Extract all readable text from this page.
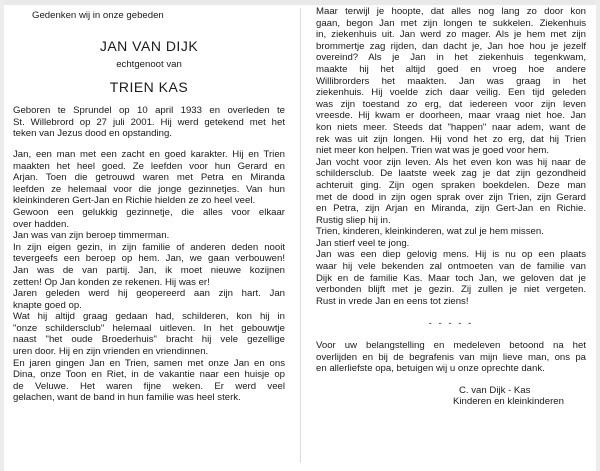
Gedenken wij in onze gebeden
JAN VAN DIJK
echtgenoot van
TRIEN KAS
Geboren te Sprundel op 10 april 1933 en overleden te
St. Willebrord op 27 juli 2001. Hij werd getekend met het
teken van Jezus dood en opstanding.
Jan, een man met een zacht en goed karakter. Hij en Trien
maakten het heel goed. Ze leefden voor hun Gerard en
Arjan. Toen die getrouwd waren met Petra en Miranda
leefden ze helemaal voor die jonge gezinnetjes. Van hun
kleinkinderen Gert-Jan en Richie hielden ze zo heel veel.
Gewoon een gelukkig gezinnetje, die alles voor elkaar
over hadden.
Jan was van zijn beroep timmerman.
In zijn eigen gezin, in zijn familie of anderen deden nooit
tevergeefs een beroep op hem. Jan, we gaan verbouwen!
Jan was de van partij. Jan, ik moet nieuwe kozijnen
zetten! Op Jan konden ze rekenen. Hij was er!
Jaren geleden werd hij geopereerd aan zijn hart. Jan
knapte goed op.
Wat hij altijd graag gedaan had, schilderen, kon hij in
"onze schildersclub" helemaal uitleven. In het gebouwtje
naast "het oude Broederhuis" bracht hij vele gezellige
uren door. Hij en zijn vrienden en vriendinnen.
En jaren gingen Jan en Trien, samen met onze Jan en ons
Dina, onze Toon en Riet, in de vakantie naar een huisje op
de Veluwe. Het waren fijne weken. Er werd veel
gelachen, want de band in hun familie was heel sterk.
Maar terwijl je hoopte, dat alles nog lang zo door kon
gaan, begon Jan met zijn longen te sukkelen. Ziekenhuis
in, ziekenhuis uit. Jan werd zo mager. Als je hem met zijn
brommertje zag rijden, dan dacht je, Jan hoe hou je jezelf
overeind? Als je Jan in het ziekenhuis tegenkwam,
maakte hij het altijd goed en vroeg hoe andere
Willibrorders het maakten. Jan was graag in het
ziekenhuis. Hij voelde zich daar veilig. Een tijd geleden
was zijn toestand zo erg, dat iedereen voor zijn leven
vreesde. Hij kwam er doorheen, maar vraag niet hoe. Jan
kon niets meer. Steeds dat "happen" naar adem, want de
rek was uit zijn longen. Hij vond het zo erg, dat hij Trien
niet meer kon helpen. Trien wat was je goed voor hem.
Jan vocht voor zijn leven. Als het even kon was hij naar de
schildersclub. De laatste week zag je dat zijn gezondheid
achteruit ging. Zijn ogen spraken boekdelen. Deze man
met de dood in zijn ogen sprak over zijn Trien, zijn Gerard
en Petra, zijn Arjan en Miranda, zijn Gert-Jan en Richie.
Rustig sliep hij in.
Trien, kinderen, kleinkinderen, wat zul je hem missen.
Jan stierf veel te jong.
Jan was een diep gelovig mens. Hij is nu op een plaats
waar hij vele bekenden zal ontmoeten van de familie van
Dijk en de familie Kas. Maar toch Jan, we geloven dat je
verbonden blijft met je gezin. Zij zullen je niet vergeten.
Rust in vrede Jan en eens tot ziens!
- - - - -
Voor uw belangstelling en medeleven betoond na het
overlijden en bij de begrafenis van mijn lieve man, ons pa
en allerliefste opa, betuigen wij u onze oprechte dank.
C. van Dijk - Kas
Kinderen en kleinkinderen
